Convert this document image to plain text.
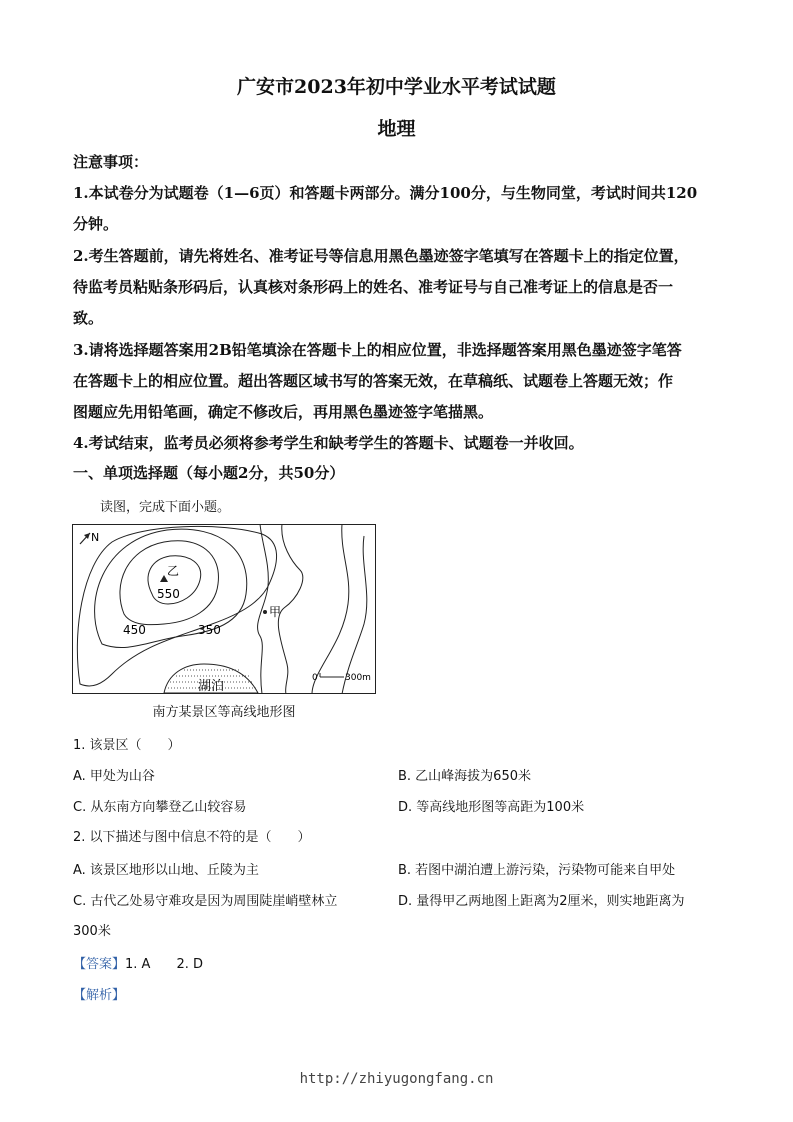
广安市2023年初中学业水平考试试题
地理
注意事项：
1.本试卷分为试题卷（1—6页）和答题卡两部分。满分100分，与生物同堂，考试时间共120
分钟。
2.考生答题前，请先将姓名、准考证号等信息用黑色墨迹签字笔填写在答题卡上的指定位置，
待监考员粘贴条形码后，认真核对条形码上的姓名、准考证号与自己准考证上的信息是否一
致。
3.请将选择题答案用2B铅笔填涂在答题卡上的相应位置，非选择题答案用黑色墨迹签字笔答
在答题卡上的相应位置。超出答题区域书写的答案无效，在草稿纸、试题卷上答题无效；作
图题应先用铅笔画，确定不修改后，再用黑色墨迹签字笔描黑。
4.考试结束，监考员必须将参考学生和缺考学生的答题卡、试题卷一并收回。
一、单项选择题（每小题2分，共50分）
读图，完成下面小题。
N
湖泊
乙
550
450	350
甲
0	300m
南方某景区等高线地形图
1. 该景区（　　）
A. 甲处为山谷	B. 乙山峰海拔为650米
C. 从东南方向攀登乙山较容易	D. 等高线地形图等高距为100米
2. 以下描述与图中信息不符的是（　　）
A. 该景区地形以山地、丘陵为主	B. 若图中湖泊遭上游污染，污染物可能来自甲处
C. 古代乙处易守难攻是因为周围陡崖峭壁林立	D. 量得甲乙两地图上距离为2厘米，则实地距离为
300米
【答案】1. A　　2. D
【解析】
http://zhiyugongfang.cn
